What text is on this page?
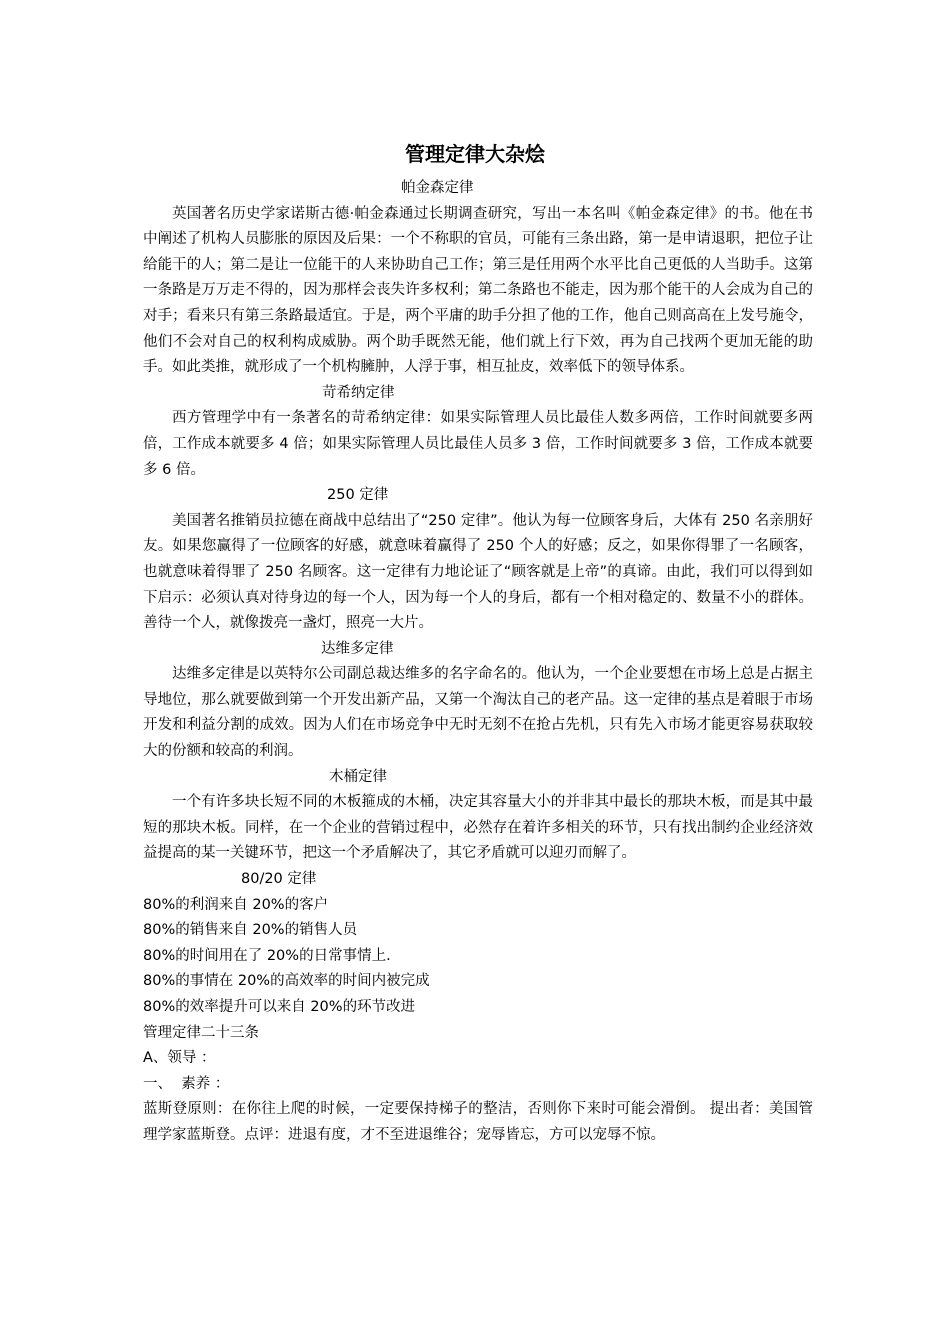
管理定律大杂烩

帕金森定律

英国著名历史学家诺斯古德·帕金森通过长期调查研究，写出一本名叫《帕金森定律》的书。他在书中阐述了机构人员膨胀的原因及后果：一个不称职的官员，可能有三条出路，第一是申请退职，把位子让给能干的人；第二是让一位能干的人来协助自己工作；第三是任用两个水平比自己更低的人当助手。这第一条路是万万走不得的，因为那样会丧失许多权利；第二条路也不能走，因为那个能干的人会成为自己的对手；看来只有第三条路最适宜。于是，两个平庸的助手分担了他的工作，他自己则高高在上发号施令，他们不会对自己的权利构成威胁。两个助手既然无能，他们就上行下效，再为自己找两个更加无能的助手。如此类推，就形成了一个机构臃肿，人浮于事，相互扯皮，效率低下的领导体系。

苛希纳定律

西方管理学中有一条著名的苛希纳定律：如果实际管理人员比最佳人数多两倍，工作时间就要多两倍，工作成本就要多 4 倍；如果实际管理人员比最佳人员多 3 倍，工作时间就要多 3 倍，工作成本就要多 6 倍。

250 定律

美国著名推销员拉德在商战中总结出了“250 定律”。他认为每一位顾客身后，大体有 250 名亲朋好友。如果您赢得了一位顾客的好感，就意味着赢得了 250 个人的好感；反之，如果你得罪了一名顾客，也就意味着得罪了 250 名顾客。这一定律有力地论证了“顾客就是上帝”的真谛。由此，我们可以得到如下启示：必须认真对待身边的每一个人，因为每一个人的身后，都有一个相对稳定的、数量不小的群体。善待一个人，就像拨亮一盏灯，照亮一大片。

达维多定律

达维多定律是以英特尔公司副总裁达维多的名字命名的。他认为，一个企业要想在市场上总是占据主导地位，那么就要做到第一个开发出新产品，又第一个淘汰自己的老产品。这一定律的基点是着眼于市场开发和利益分割的成效。因为人们在市场竞争中无时无刻不在抢占先机，只有先入市场才能更容易获取较大的份额和较高的利润。

木桶定律

一个有许多块长短不同的木板箍成的木桶，决定其容量大小的并非其中最长的那块木板，而是其中最短的那块木板。同样，在一个企业的营销过程中，必然存在着许多相关的环节，只有找出制约企业经济效益提高的某一关键环节，把这一个矛盾解决了，其它矛盾就可以迎刃而解了。

80/20 定律

80%的利润来自 20%的客户

80%的销售来自 20%的销售人员

80%的时间用在了 20%的日常事情上.

80%的事情在 20%的高效率的时间内被完成

80%的效率提升可以来自 20%的环节改进

管理定律二十三条

A、领导 ：

一、  素养 ：

蓝斯登原则：在你往上爬的时候，一定要保持梯子的整洁，否则你下来时可能会滑倒。 提出者：美国管理学家蓝斯登。点评：进退有度，才不至进退维谷；宠辱皆忘，方可以宠辱不惊。
